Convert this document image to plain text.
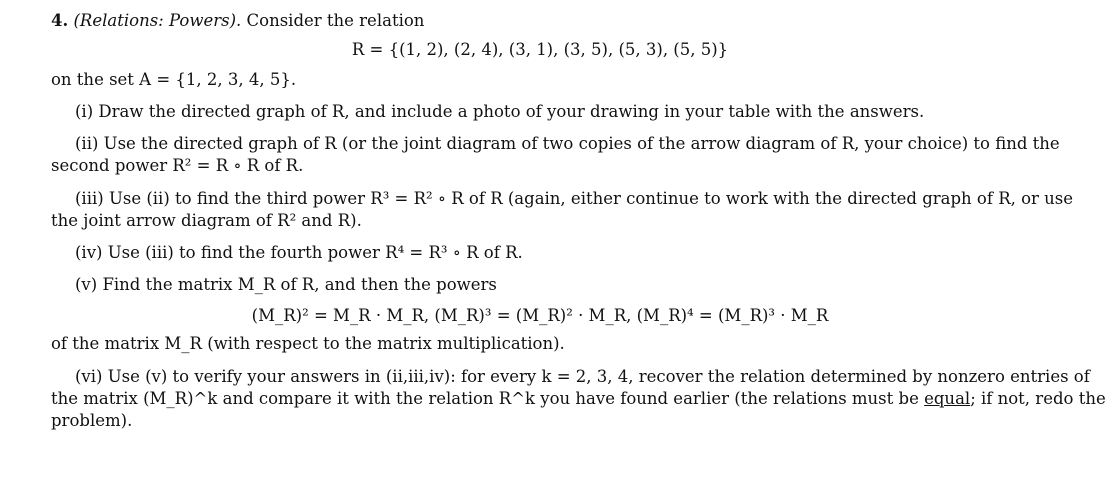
4. (Relations: Powers). Consider the relation
R = {(1, 2), (2, 4), (3, 1), (3, 5), (5, 3), (5, 5)}
on the set A = {1, 2, 3, 4, 5}.
(i) Draw the directed graph of R, and include a photo of your drawing in your table with the answers.
(ii) Use the directed graph of R (or the joint diagram of two copies of the arrow diagram of R, your choice) to find the
second power R² = R ∘ R of R.
(iii) Use (ii) to find the third power R³ = R² ∘ R of R (again, either continue to work with the directed graph of R, or use
the joint arrow diagram of R² and R).
(iv) Use (iii) to find the fourth power R⁴ = R³ ∘ R of R.
(v) Find the matrix M_R of R, and then the powers
(M_R)² = M_R · M_R, (M_R)³ = (M_R)² · M_R, (M_R)⁴ = (M_R)³ · M_R
of the matrix M_R (with respect to the matrix multiplication).
(vi) Use (v) to verify your answers in (ii,iii,iv): for every k = 2, 3, 4, recover the relation determined by nonzero entries of
the matrix (M_R)^k and compare it with the relation R^k you have found earlier (the relations must be equal; if not, redo the
problem).
